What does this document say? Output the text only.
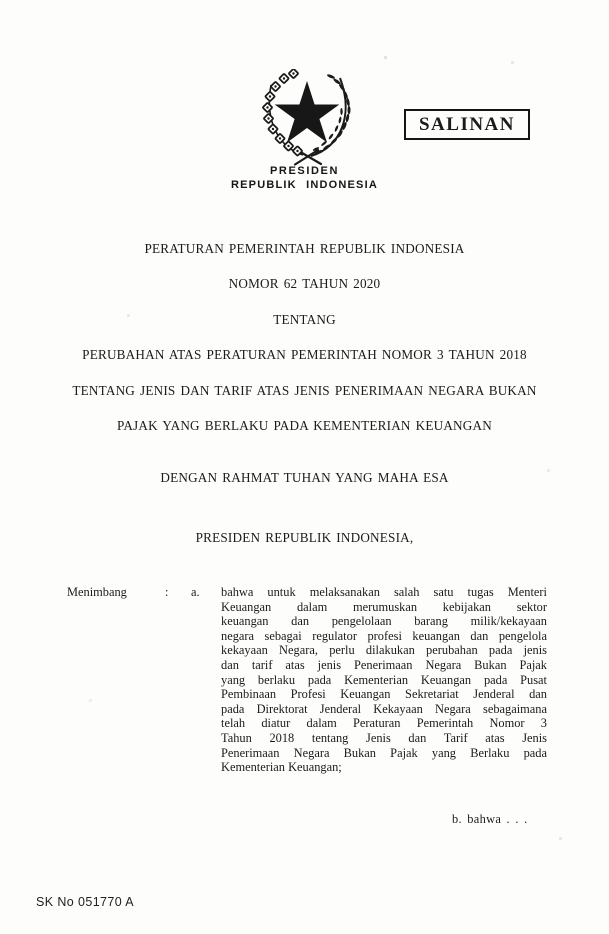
SALINAN
PRESIDEN
REPUBLIK INDONESIA
PERATURAN PEMERINTAH REPUBLIK INDONESIA
NOMOR 62 TAHUN 2020
TENTANG
PERUBAHAN ATAS PERATURAN PEMERINTAH NOMOR 3 TAHUN 2018
TENTANG JENIS DAN TARIF ATAS JENIS PENERIMAAN NEGARA BUKAN
PAJAK YANG BERLAKU PADA KEMENTERIAN KEUANGAN
DENGAN RAHMAT TUHAN YANG MAHA ESA
PRESIDEN REPUBLIK INDONESIA,
Menimbang	: a. bahwa untuk melaksanakan salah satu tugas Menteri
Keuangan dalam merumuskan kebijakan sektor
keuangan dan pengelolaan barang milik/kekayaan
negara sebagai regulator profesi keuangan dan pengelola
kekayaan Negara, perlu dilakukan perubahan pada jenis
dan tarif atas jenis Penerimaan Negara Bukan Pajak
yang berlaku pada Kementerian Keuangan pada Pusat
Pembinaan Profesi Keuangan Sekretariat Jenderal dan
pada Direktorat Jenderal Kekayaan Negara sebagaimana
telah diatur dalam Peraturan Pemerintah Nomor 3
Tahun 2018 tentang Jenis dan Tarif atas Jenis
Penerimaan Negara Bukan Pajak yang Berlaku pada
Kementerian Keuangan;
b. bahwa . . .
SK No 051770 A
